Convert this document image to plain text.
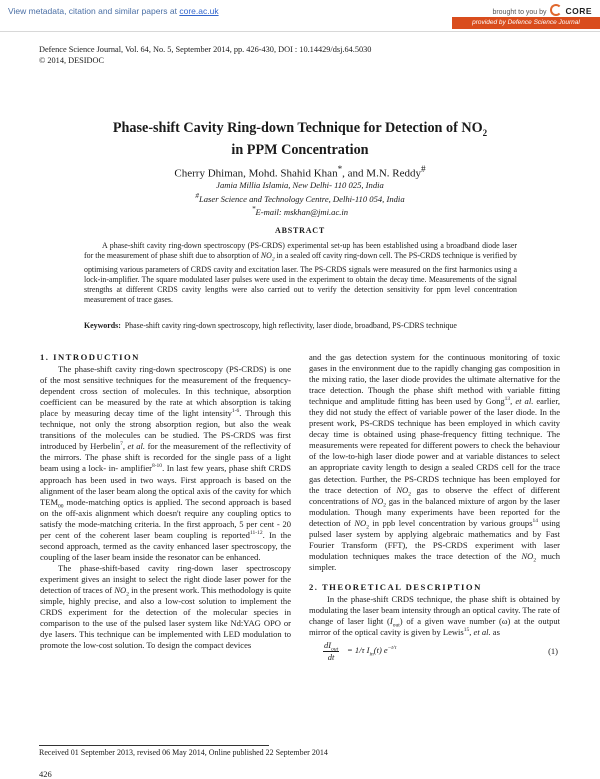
View metadata, citation and similar papers at core.ac.uk	brought to you by CORE
provided by Defence Science Journal
Defence Science Journal, Vol. 64, No. 5, September 2014, pp. 426-430, DOI : 10.14429/dsj.64.5030
© 2014, DESIDOC
Phase-shift Cavity Ring-down Technique for Detection of $NO_2$
in PPM Concentration
Cherry Dhiman, Mohd. Shahid Khan*, and M.N. Reddy#
Jamia Millia Islamia, New Delhi- 110 025, India
#Laser Science and Technology Centre, Delhi-110 054, India
*E-mail: mskhan@jmi.ac.in
ABSTRACT
A phase-shift cavity ring-down spectroscopy (PS-CRDS) experimental set-up has been established using a broadband diode laser for the measurement of phase shift due to absorption of $NO_2$ in a sealed off cavity ring-down cell. The PS-CRDS technique is verified by optimising various parameters of CRDS cavity and excitation laser. The PS-CRDS signals were measured on the first harmonics using a lock-in-amplifier. The square modulated laser pulses were used in the experiment to obtain the decay time. Measurements of the signal strengths at different CRDS cavity lengths were also carried out to verify the detection sensitivity for ppm level concentration measurement of trace gases.
Keywords: Phase-shift cavity ring-down spectroscopy, high reflectivity, laser diode, broadband, PS-CDRS technique
1. INTRODUCTION

The phase-shift cavity ring-down spectroscopy (PS-CRDS) is one of the most sensitive techniques for the measurement of the frequency-dependent cross section of molecules. In this technique, absorption coefficient can be measured by the rate at which absorption is taking place by measuring decay time of the light intensity$^{1-6}$. Through this technique, not only the strong absorption region, but also the weak transitions of the molecules can be studied. The PS-CRDS was first introduced by Herbelin$^7$, et al. for the measurement of the reflectivity of the mirrors. The phase shift is recorded for the single pass of a light beam using a lock- in- amplifier$^{8-10}$. In last few years, phase shift CRDS approach has been used in two ways. First approach is based on the alignment of the laser beam along the optical axis of the cavity for which $TEM_{00}$ mode-matching optics is applied. The second approach is based on the off-axis alignment which doesn't require any coupling optics to satisfy the mode-matching criteria. In the first approach, 5 per cent - 20 per cent of the coherent laser beam coupling is reported$^{11-12}$. In the second approach, termed as the cavity enhanced laser spectroscopy, the coupling of the laser beam inside the resonator can be enhanced.

The phase-shift-based cavity ring-down laser spectroscopy experiment gives an insight to select the right diode laser power for the detection of traces of $NO_2$ in the present work. This methodology is quite simple, highly precise, and also a low-cost solution to implement the CRDS experiment for the detection of the molecular species in comparison to the use of the pulsed laser system like Nd:YAG OPO or dye lasers. This technique can be implemented with LED modulation to promote the low-cost solution. To design the compact devices

and the gas detection system for the continuous monitoring of toxic gases in the environment due to the rapidly changing gas composition in the mixing ratio, the laser diode provides the ultimate alternative for the trace detection. Though the phase shift method with variable fitting technique and amplitude fitting has been used by Gong$^{13}$, et al. earlier, they did not study the effect of variable power of the laser diode. In the present work, PS-CRDS technique has been employed in which cavity decay time is obtained using phase-frequency fitting technique. The measurements were repeated for different powers to check the behaviour of the low-to-high laser diode power and at variable distances to select an appropriate cavity length to design a sealed CRDS cell for the trace gas detection. Further, the PS-CRDS technique has been employed for the trace detection of $NO_2$ gas to observe the effect of different concentrations of $NO_2$ gas in the balanced mixture of argon by the laser modulation. Though many experiments have been reported for the detection of $NO_2$ in ppb level concentration by various groups$^{14}$ using pulsed laser system by applying algebraic mathematics and by Fast Fourier Transform (FFT), the PS-CRDS experiment with laser modulation techniques makes the trace detection of the $NO_2$ much simpler.

2. THEORETICAL DESCRIPTION

In the phase-shift CRDS technique, the phase shift is obtained by modulating the laser beam intensity through an optical cavity. The rate of change of laser light $(I_{out})$ of a given wave number (ω) at the output mirror of the optical cavity is given by Lewis$^{15}$, et al. as

$dI_{out}$
dt
= 1/τ $I_{in}(t)$ $e^{-t/\tau}$	(1)
Received 01 September 2013, revised 06 May 2014, Online published 22 September 2014
426
